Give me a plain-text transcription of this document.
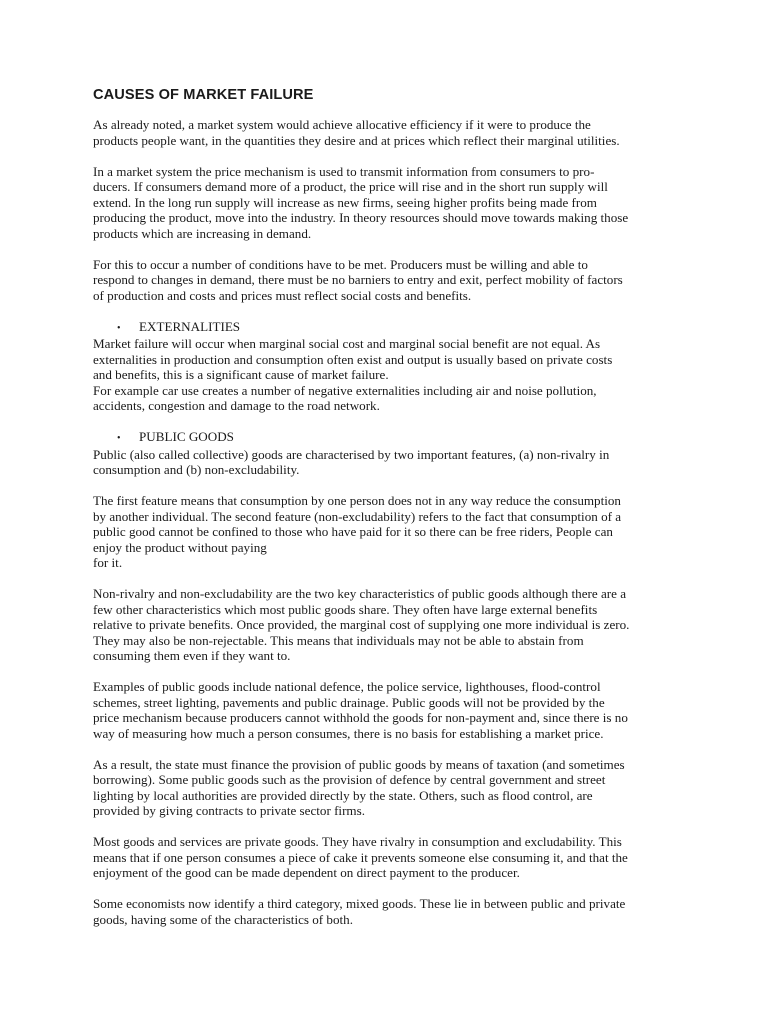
CAUSES OF MARKET FAILURE

As already noted, a market system would achieve allocative efficiency if it were to produce the
products people want, in the quantities they desire and at prices which reflect their marginal utilities.

In a market system the price mechanism is used to transmit information from consumers to pro-
ducers. If consumers demand more of a product, the price will rise and in the short run supply will
extend. In the long run supply will increase as new firms, seeing higher profits being made from
producing the product, move into the industry. In theory resources should move towards making those
products which are increasing in demand.

For this to occur a number of conditions have to be met. Producers must be willing and able to
respond to changes in demand, there must be no barniers to entry and exit, perfect mobility of factors
of production and costs and prices must reflect social costs and benefits.

• EXTERNALITIES
Market failure will occur when marginal social cost and marginal social benefit are not equal. As
externalities in production and consumption often exist and output is usually based on private costs
and benefits, this is a significant cause of market failure.
For example car use creates a number of negative externalities including air and noise pollution,
accidents, congestion and damage to the road network.
• PUBLIC GOODS
Public (also called collective) goods are characterised by two important features, (a) non-rivalry in
consumption and (b) non-excludability.

The first feature means that consumption by one person does not in any way reduce the consumption
by another individual. The second feature (non-excludability) refers to the fact that consumption of a
public good cannot be confined to those who have paid for it so there can be free riders, People can
enjoy the product without paying
for it.

Non-rivalry and non-excludability are the two key characteristics of public goods although there are a
few other characteristics which most public goods share. They often have large external benefits
relative to private benefits. Once provided, the marginal cost of supplying one more individual is zero.
They may also be non-rejectable. This means that individuals may not be able to abstain from
consuming them even if they want to.

Examples of public goods include national defence, the police service, lighthouses, flood-control
schemes, street lighting, pavements and public drainage. Public goods will not be provided by the
price mechanism because producers cannot withhold the goods for non-payment and, since there is no
way of measuring how much a person consumes, there is no basis for establishing a market price.

As a result, the state must finance the provision of public goods by means of taxation (and sometimes
borrowing). Some public goods such as the provision of defence by central government and street
lighting by local authorities are provided directly by the state. Others, such as flood control, are
provided by giving contracts to private sector firms.

Most goods and services are private goods. They have rivalry in consumption and excludability. This
means that if one person consumes a piece of cake it prevents someone else consuming it, and that the
enjoyment of the good can be made dependent on direct payment to the producer.

Some economists now identify a third category, mixed goods. These lie in between public and private
goods, having some of the characteristics of both.
